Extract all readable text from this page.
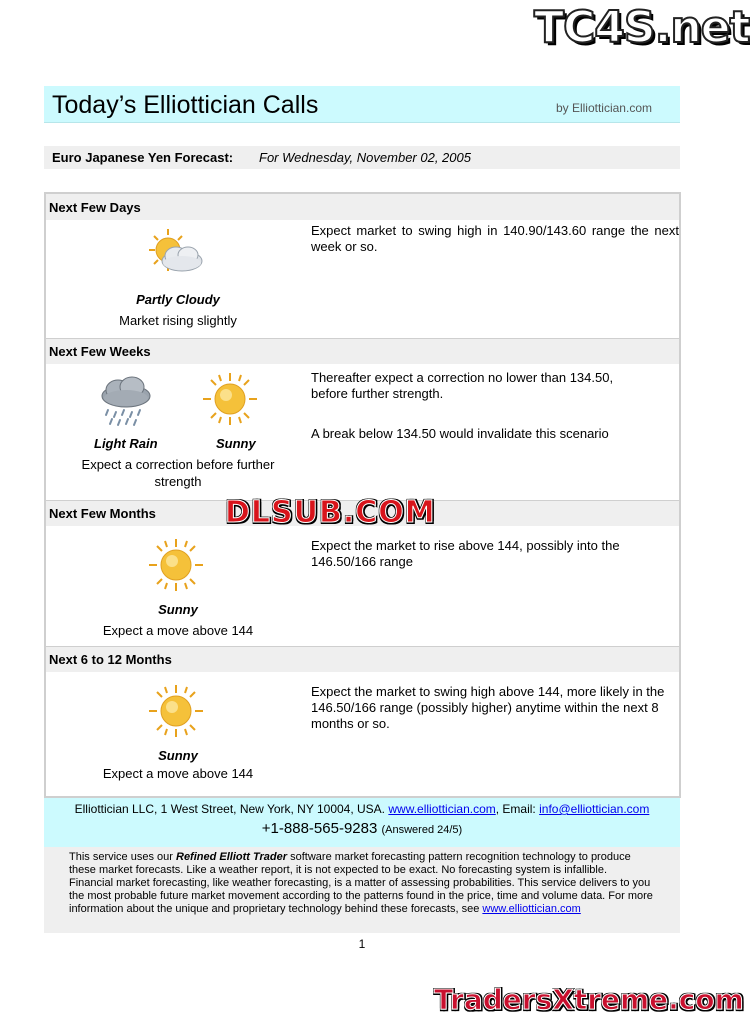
TC4S.net
Today’s Elliottician Calls	by Elliottician.com
Euro Japanese Yen Forecast: For Wednesday, November 02, 2005
Next Few Days
Partly Cloudy
Market rising slightly
Expect market to swing high in 140.90/143.60 range the next week or so.
Next Few Weeks
Light Rain	Sunny
Expect a correction before further strength
Thereafter expect a correction no lower than 134.50, before further strength.
A break below 134.50 would invalidate this scenario
Next Few Months
Sunny
Expect a move above 144
Expect the market to rise above 144, possibly into the 146.50/166 range
Next 6 to 12 Months
Sunny
Expect a move above 144
Expect the market to swing high above 144, more likely in the 146.50/166 range (possibly higher) anytime within the next 8 months or so.
DLSUB.COM
Elliottician LLC, 1 West Street, New York, NY 10004, USA. www.elliottician.com, Email: info@elliottician.com
+1-888-565-9283 (Answered 24/5)
This service uses our Refined Elliott Trader software market forecasting pattern recognition technology to produce these market forecasts. Like a weather report, it is not expected to be exact. No forecasting system is infallible. Financial market forecasting, like weather forecasting, is a matter of assessing probabilities. This service delivers to you the most probable future market movement according to the patterns found in the price, time and volume data. For more information about the unique and proprietary technology behind these forecasts, see www.elliottician.com
1
TradersXtreme.com
